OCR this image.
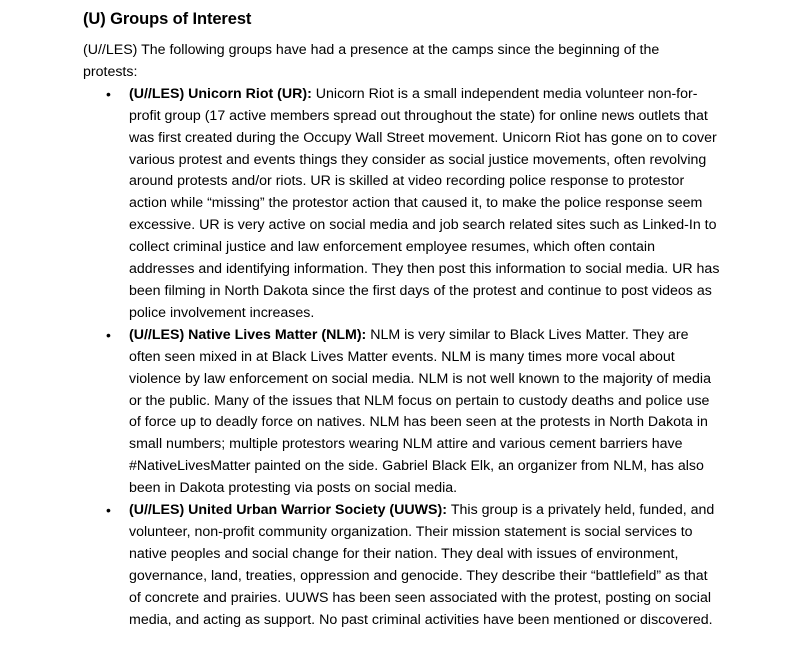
(U) Groups of Interest
(U//LES) The following groups have had a presence at the camps since the beginning of the protests:
• (U//LES) Unicorn Riot (UR): Unicorn Riot is a small independent media volunteer non-for-profit group (17 active members spread out throughout the state) for online news outlets that was first created during the Occupy Wall Street movement. Unicorn Riot has gone on to cover various protest and events things they consider as social justice movements, often revolving around protests and/or riots. UR is skilled at video recording police response to protestor action while “missing” the protestor action that caused it, to make the police response seem excessive. UR is very active on social media and job search related sites such as Linked-In to collect criminal justice and law enforcement employee resumes, which often contain addresses and identifying information. They then post this information to social media. UR has been filming in North Dakota since the first days of the protest and continue to post videos as police involvement increases.
• (U//LES) Native Lives Matter (NLM): NLM is very similar to Black Lives Matter. They are often seen mixed in at Black Lives Matter events. NLM is many times more vocal about violence by law enforcement on social media. NLM is not well known to the majority of media or the public. Many of the issues that NLM focus on pertain to custody deaths and police use of force up to deadly force on natives. NLM has been seen at the protests in North Dakota in small numbers; multiple protestors wearing NLM attire and various cement barriers have #NativeLivesMatter painted on the side. Gabriel Black Elk, an organizer from NLM, has also been in Dakota protesting via posts on social media.
• (U//LES) United Urban Warrior Society (UUWS): This group is a privately held, funded, and volunteer, non-profit community organization. Their mission statement is social services to native peoples and social change for their nation. They deal with issues of environment, governance, land, treaties, oppression and genocide. They describe their “battlefield” as that of concrete and prairies. UUWS has been seen associated with the protest, posting on social media, and acting as support. No past criminal activities have been mentioned or discovered.
